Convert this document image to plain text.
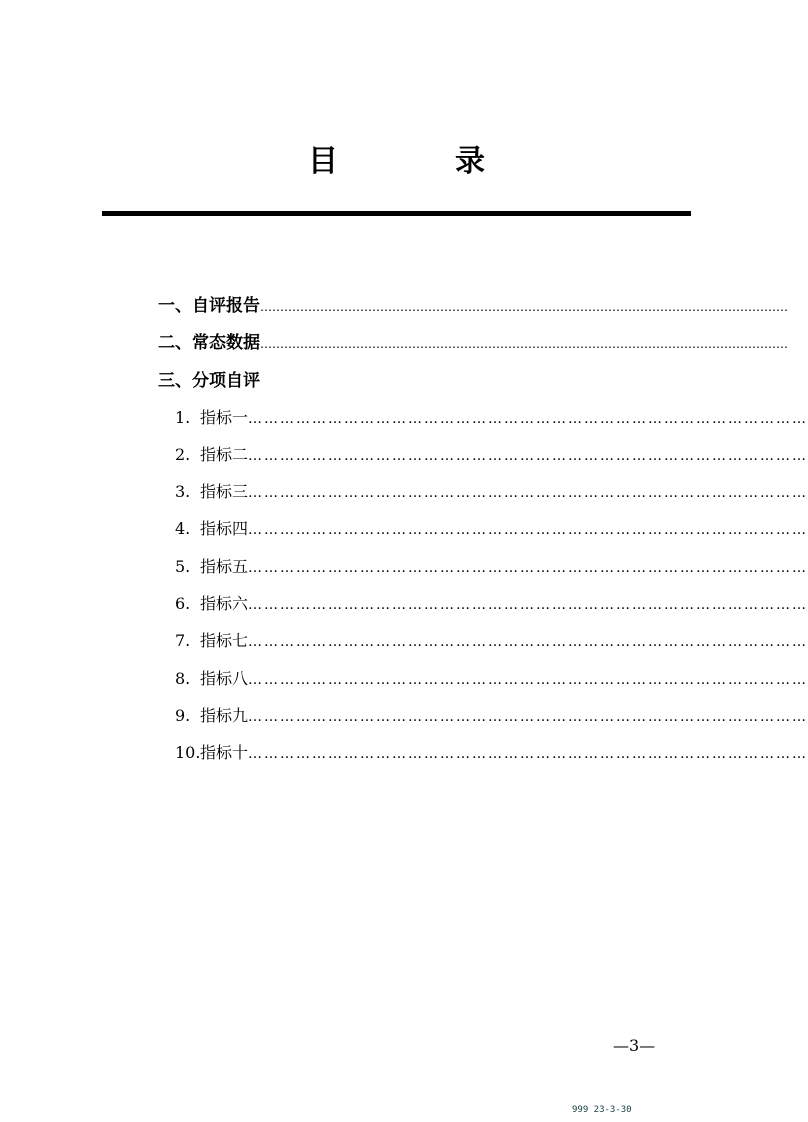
目	录
一、自评报告 ……………………………………………………………………………………………………………………
二、常态数据 ……………………………………………………………………………………………………………………
三、分项自评
1. 指标一 ……………………………………………………………………………………………
2. 指标二 ……………………………………………………………………………………………
3. 指标三 ……………………………………………………………………………………………
4. 指标四 ……………………………………………………………………………………………
5. 指标五 ……………………………………………………………………………………………
6. 指标六 ……………………………………………………………………………………………
7. 指标七 ……………………………………………………………………………………………
8. 指标八 ……………………………………………………………………………………………
9. 指标九 ……………………………………………………………………………………………
10. 指标十 ……………………………………………………………………………………………
—3—
999 23-3-30
